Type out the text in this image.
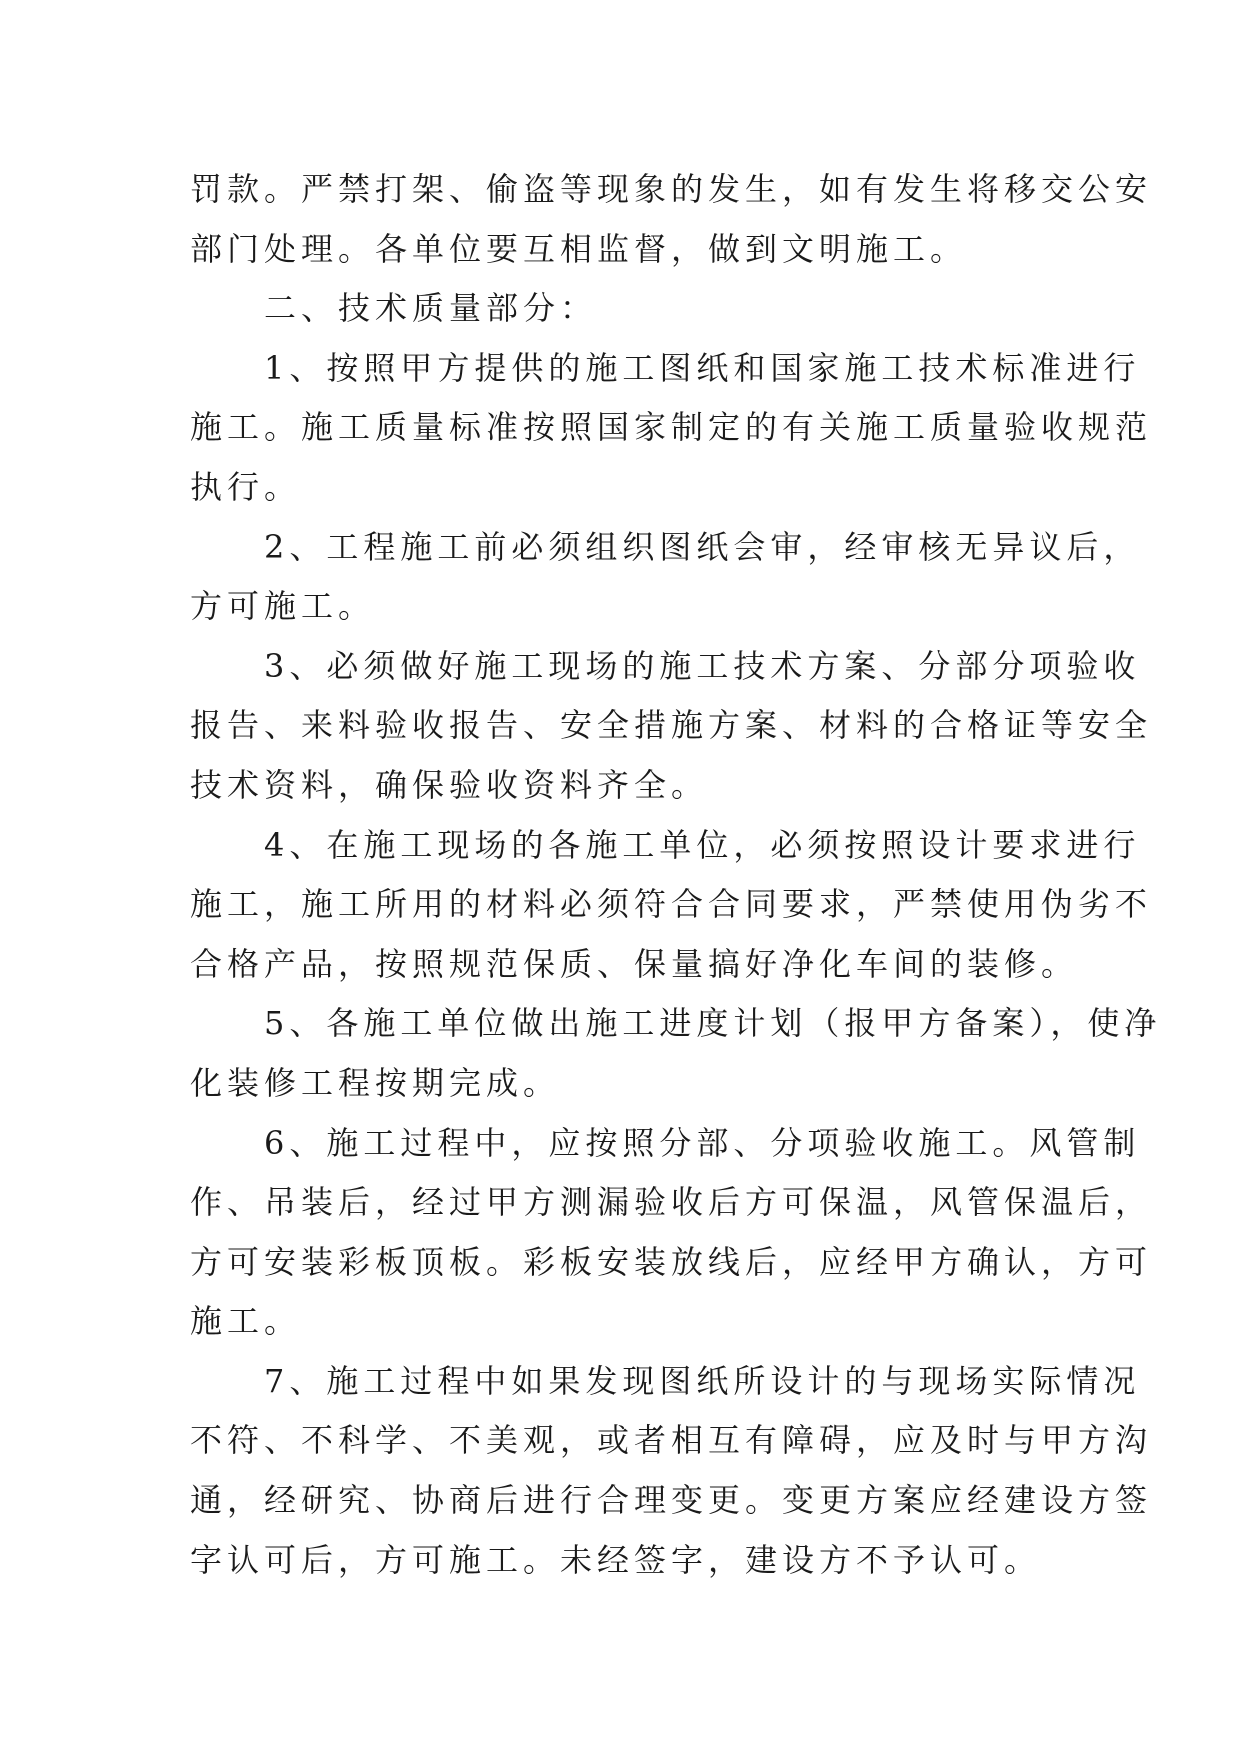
罚款。严禁打架、偷盗等现象的发生，如有发生将移交公安
部门处理。各单位要互相监督，做到文明施工。
二、技术质量部分：
1、按照甲方提供的施工图纸和国家施工技术标准进行
施工。施工质量标准按照国家制定的有关施工质量验收规范
执行。
2、工程施工前必须组织图纸会审，经审核无异议后，
方可施工。
3、必须做好施工现场的施工技术方案、分部分项验收
报告、来料验收报告、安全措施方案、材料的合格证等安全
技术资料，确保验收资料齐全。
4、在施工现场的各施工单位，必须按照设计要求进行
施工，施工所用的材料必须符合合同要求，严禁使用伪劣不
合格产品，按照规范保质、保量搞好净化车间的装修。
5、各施工单位做出施工进度计划（报甲方备案），使净
化装修工程按期完成。
6、施工过程中，应按照分部、分项验收施工。风管制
作、吊装后，经过甲方测漏验收后方可保温，风管保温后，
方可安装彩板顶板。彩板安装放线后，应经甲方确认，方可
施工。
7、施工过程中如果发现图纸所设计的与现场实际情况
不符、不科学、不美观，或者相互有障碍，应及时与甲方沟
通，经研究、协商后进行合理变更。变更方案应经建设方签
字认可后，方可施工。未经签字，建设方不予认可。
